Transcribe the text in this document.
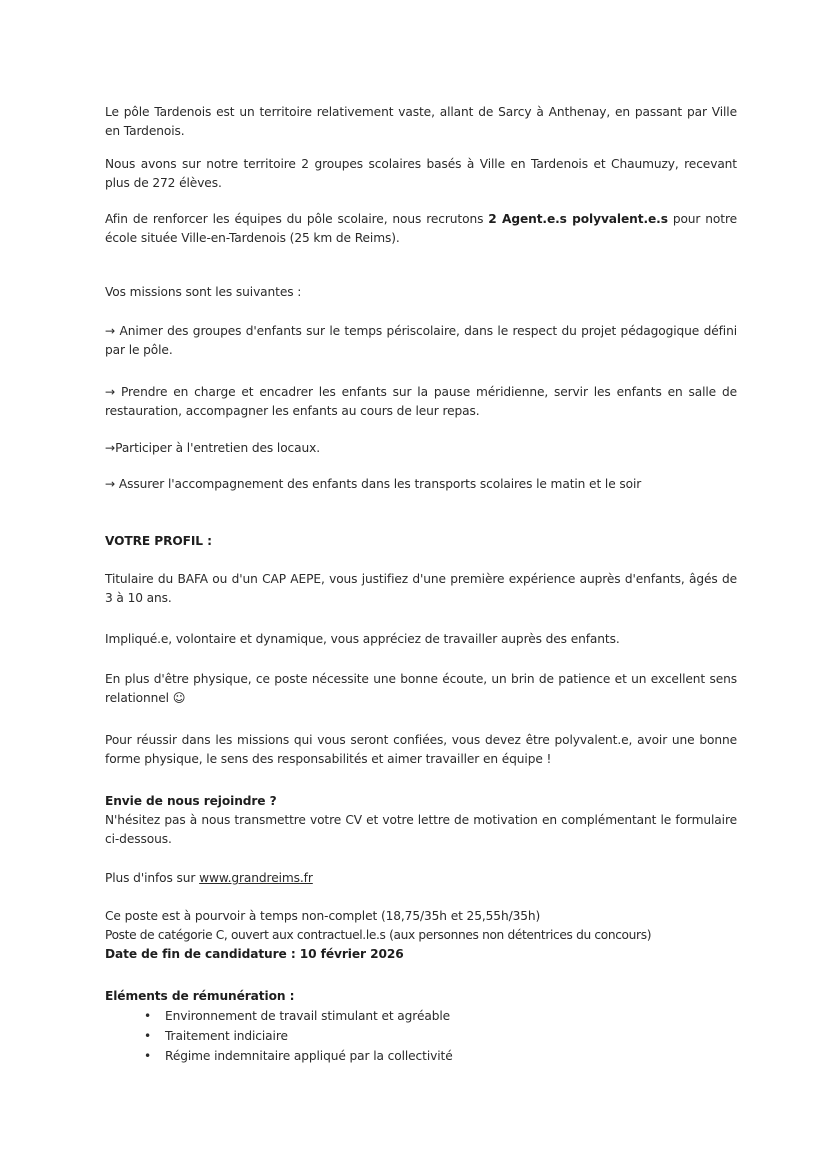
Le pôle Tardenois est un territoire relativement vaste, allant de Sarcy à Anthenay, en passant par Ville en Tardenois.
Nous avons sur notre territoire 2 groupes scolaires basés à Ville en Tardenois et Chaumuzy, recevant plus de 272 élèves.
Afin de renforcer les équipes du pôle scolaire, nous recrutons 2 Agent.e.s polyvalent.e.s pour notre école située Ville-en-Tardenois (25 km de Reims).
Vos missions sont les suivantes :
→ Animer des groupes d'enfants sur le temps périscolaire, dans le respect du projet pédagogique défini par le pôle.
→ Prendre en charge et encadrer les enfants sur la pause méridienne, servir les enfants en salle de restauration, accompagner les enfants au cours de leur repas.
→Participer à l'entretien des locaux.
→ Assurer l'accompagnement des enfants dans les transports scolaires le matin et le soir
VOTRE PROFIL :
Titulaire du BAFA ou d'un CAP AEPE, vous justifiez d'une première expérience auprès d'enfants, âgés de 3 à 10 ans.
Impliqué.e, volontaire et dynamique, vous appréciez de travailler auprès des enfants.
En plus d'être physique, ce poste nécessite une bonne écoute, un brin de patience et un excellent sens relationnel ☺
Pour réussir dans les missions qui vous seront confiées, vous devez être polyvalent.e, avoir une bonne forme physique, le sens des responsabilités et aimer travailler en équipe !
Envie de nous rejoindre ?
N'hésitez pas à nous transmettre votre CV et votre lettre de motivation en complémentant le formulaire ci-dessous.
Plus d'infos sur www.grandreims.fr
Ce poste est à pourvoir à temps non-complet (18,75/35h et 25,55h/35h)
Poste de catégorie C, ouvert aux contractuel.le.s (aux personnes non détentrices du concours)
Date de fin de candidature : 10 février 2026
Eléments de rémunération :
• Environnement de travail stimulant et agréable
• Traitement indiciaire
• Régime indemnitaire appliqué par la collectivité
